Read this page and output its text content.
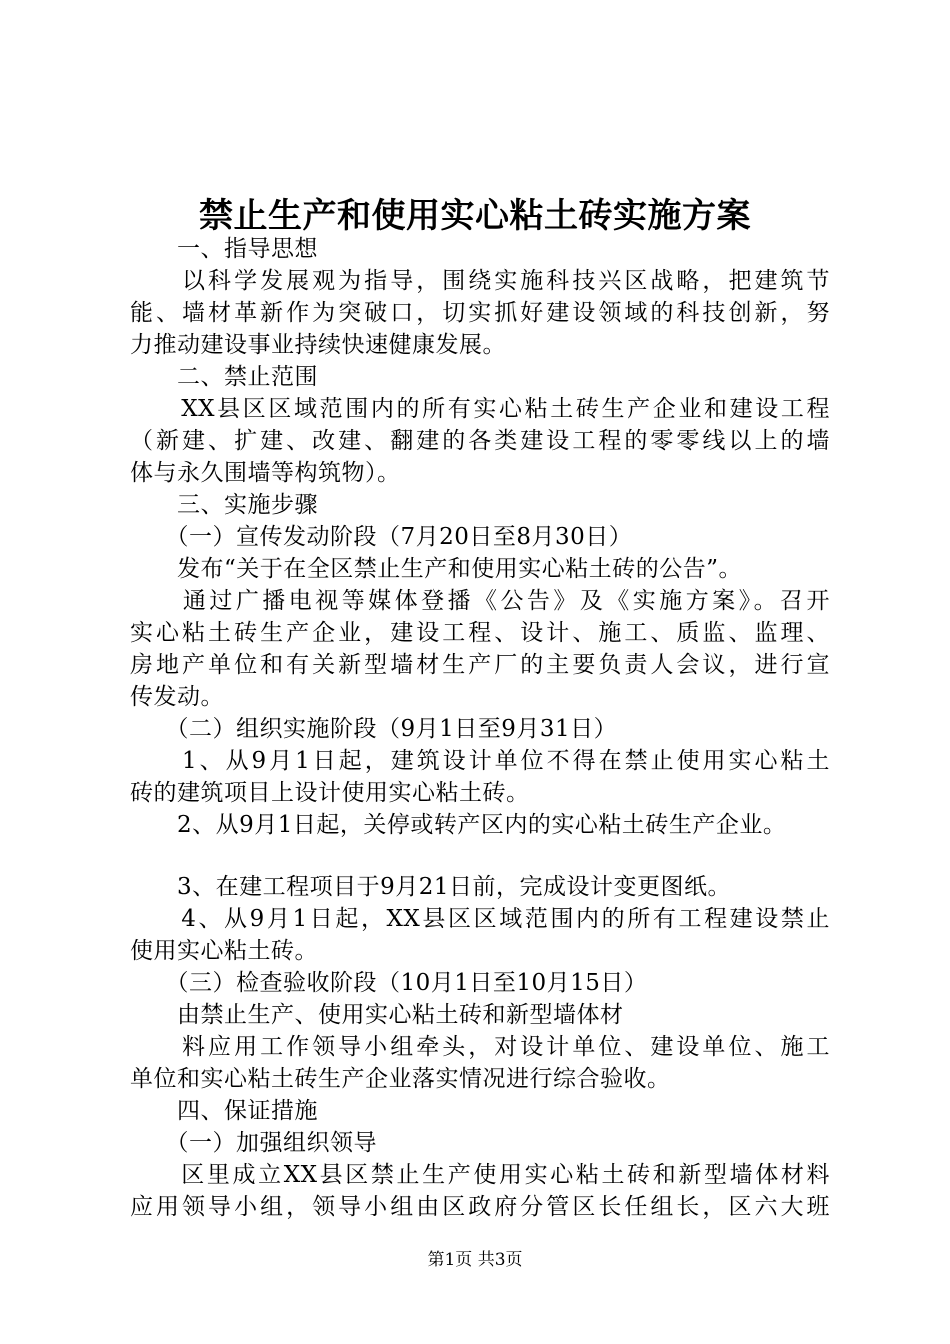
禁止生产和使用实心粘土砖实施方案
　　一、指导思想
　　以科学发展观为指导，围绕实施科技兴区战略，把建筑节
能、墙材革新作为突破口，切实抓好建设领域的科技创新，努
力推动建设事业持续快速健康发展。
　　二、禁止范围
　　XX县区区域范围内的所有实心粘土砖生产企业和建设工程
（新建、扩建、改建、翻建的各类建设工程的零零线以上的墙
体与永久围墙等构筑物）。
　　三、实施步骤
　　（一）宣传发动阶段（7月20日至8月30日）
　　发布“关于在全区禁止生产和使用实心粘土砖的公告”。
　　通过广播电视等媒体登播《公告》及《实施方案》。召开
实心粘土砖生产企业，建设工程、设计、施工、质监、监理、
房地产单位和有关新型墙材生产厂的主要负责人会议，进行宣
传发动。
　　（二）组织实施阶段（9月1日至9月31日）
　　1、从9月1日起，建筑设计单位不得在禁止使用实心粘土
砖的建筑项目上设计使用实心粘土砖。
　　2、从9月1日起，关停或转产区内的实心粘土砖生产企业。
　　3、在建工程项目于9月21日前，完成设计变更图纸。
　　4、从9月1日起，XX县区区域范围内的所有工程建设禁止
使用实心粘土砖。
　　（三）检查验收阶段（10月1日至10月15日）
　　由禁止生产、使用实心粘土砖和新型墙体材
　　料应用工作领导小组牵头，对设计单位、建设单位、施工
单位和实心粘土砖生产企业落实情况进行综合验收。
　　四、保证措施
　　（一）加强组织领导
　　区里成立XX县区禁止生产使用实心粘土砖和新型墙体材料
应用领导小组，领导小组由区政府分管区长任组长，区六大班
第1页 共3页
